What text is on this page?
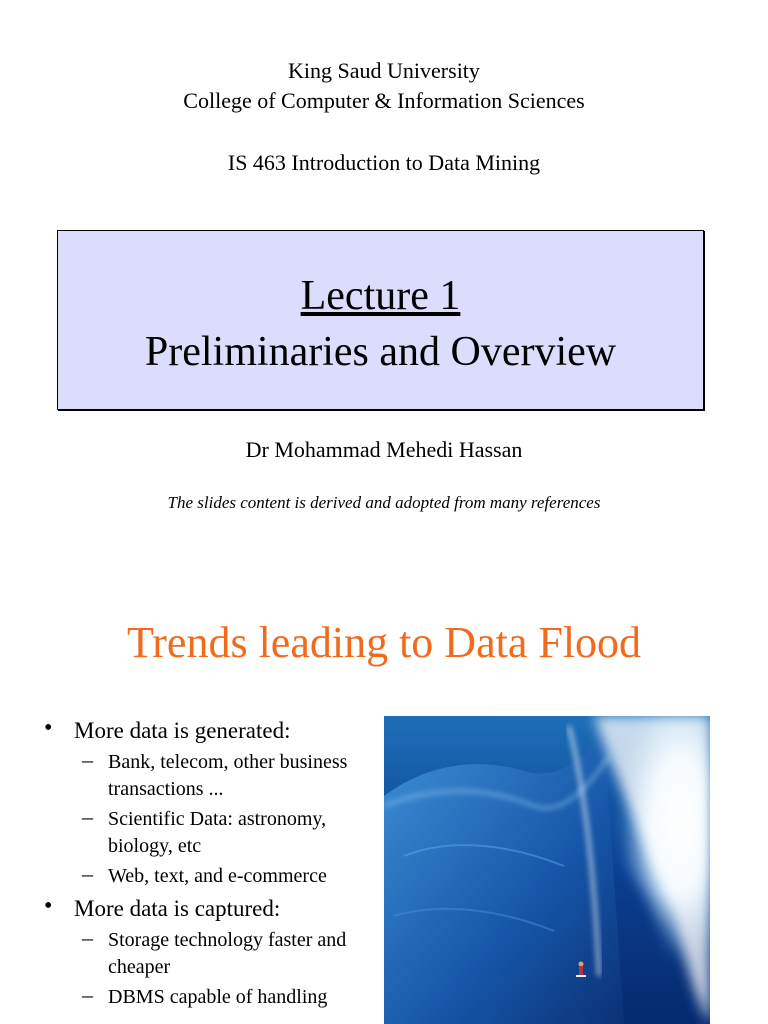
King Saud University
College of Computer & Information Sciences
IS 463 Introduction to Data Mining
Lecture 1
Preliminaries and Overview
Dr Mohammad Mehedi Hassan
The slides content is derived and adopted from many references
Trends leading to Data Flood
• More data is generated:
– Bank, telecom, other business transactions ...
– Scientific Data: astronomy, biology, etc
– Web, text, and e-commerce
• More data is captured:
– Storage technology faster and cheaper
– DBMS capable of handling
